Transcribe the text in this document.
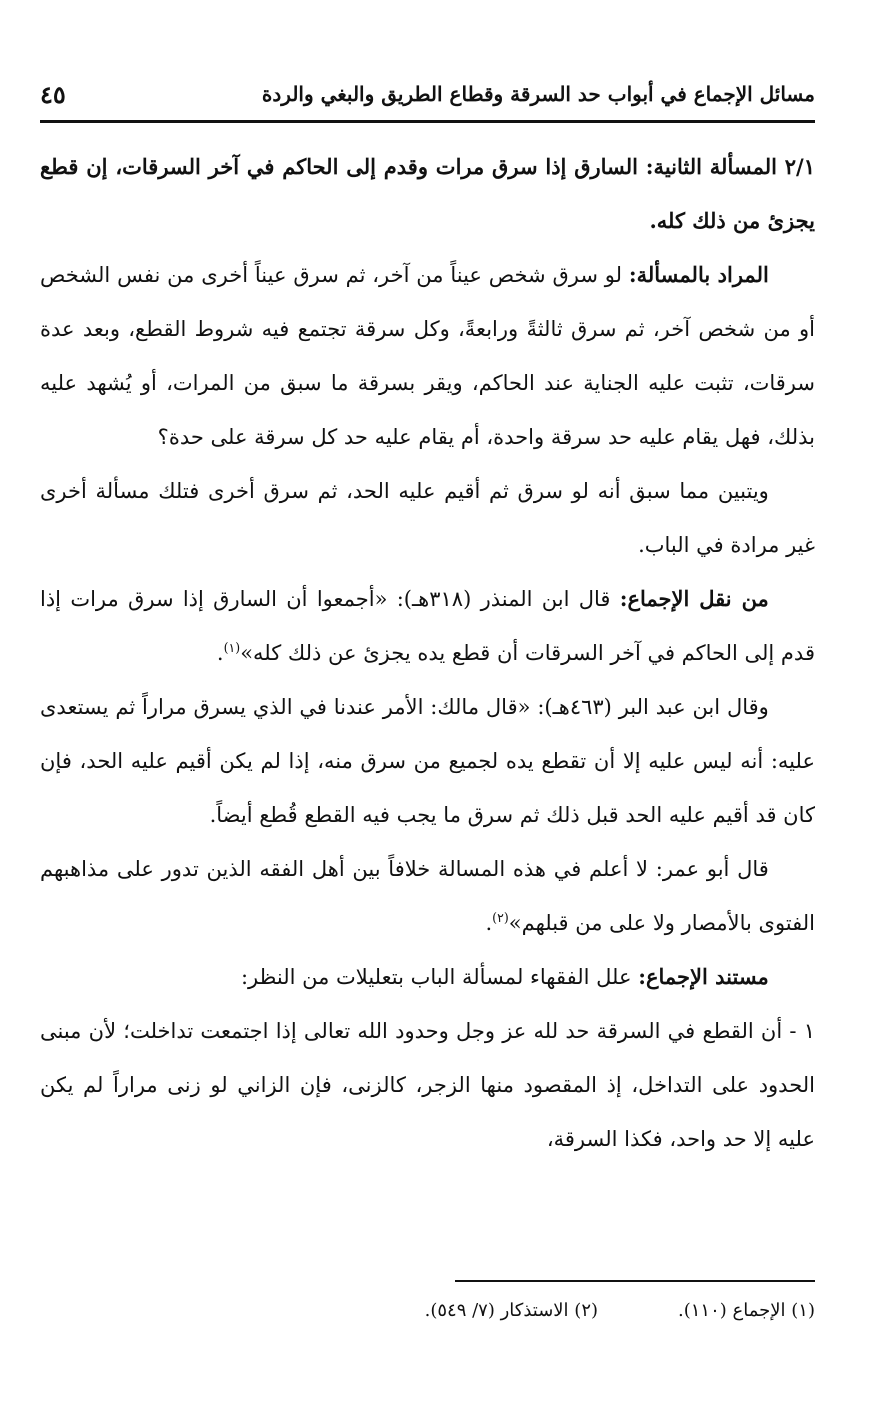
مسائل الإجماع في أبواب حد السرقة وقطاع الطريق والبغي والردة
٤٥

٢/١ المسألة الثانية: السارق إذا سرق مرات وقدم إلى الحاكم في آخر السرقات، إن قطع يجزئ من ذلك كله.

المراد بالمسألة: لو سرق شخص عيناً من آخر، ثم سرق عيناً أخرى من نفس الشخص أو من شخص آخر، ثم سرق ثالثةً ورابعةً، وكل سرقة تجتمع فيه شروط القطع، وبعد عدة سرقات، تثبت عليه الجناية عند الحاكم، ويقر بسرقة ما سبق من المرات، أو يُشهد عليه بذلك، فهل يقام عليه حد سرقة واحدة، أم يقام عليه حد كل سرقة على حدة؟

ويتبين مما سبق أنه لو سرق ثم أقيم عليه الحد، ثم سرق أخرى فتلك مسألة أخرى غير مرادة في الباب.

من نقل الإجماع: قال ابن المنذر (٣١٨هـ): «أجمعوا أن السارق إذا سرق مرات إذا قدم إلى الحاكم في آخر السرقات أن قطع يده يجزئ عن ذلك كله»$^{(١)}$.

وقال ابن عبد البر (٤٦٣هـ): «قال مالك: الأمر عندنا في الذي يسرق مراراً ثم يستعدى عليه: أنه ليس عليه إلا أن تقطع يده لجميع من سرق منه، إذا لم يكن أقيم عليه الحد، فإن كان قد أقيم عليه الحد قبل ذلك ثم سرق ما يجب فيه القطع قُطع أيضاً.

قال أبو عمر: لا أعلم في هذه المسالة خلافاً بين أهل الفقه الذين تدور على مذاهبهم الفتوى بالأمصار ولا على من قبلهم»$^{(٢)}$.

مستند الإجماع: علل الفقهاء لمسألة الباب بتعليلات من النظر:

١ - أن القطع في السرقة حد لله عز وجل وحدود الله تعالى إذا اجتمعت تداخلت؛ لأن مبنى الحدود على التداخل، إذ المقصود منها الزجر، كالزنى، فإن الزاني لو زنى مراراً لم يكن عليه إلا حد واحد، فكذا السرقة،

(١) الإجماع (١١٠).
(٢) الاستذكار (٧/ ٥٤٩).
